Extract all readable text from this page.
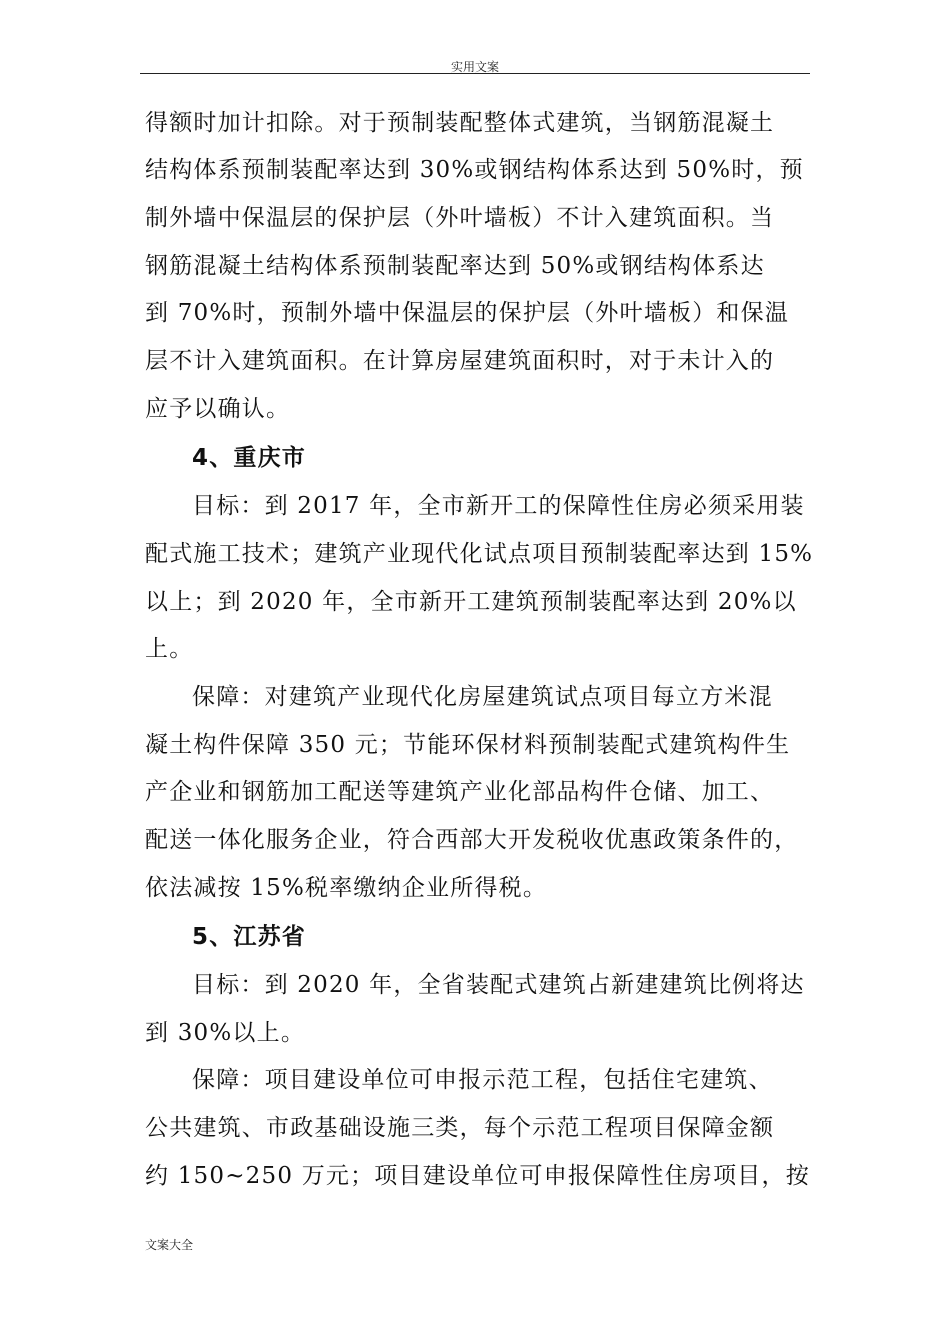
实用文案
得额时加计扣除。对于预制装配整体式建筑，当钢筋混凝土
结构体系预制装配率达到 30%或钢结构体系达到 50%时，预
制外墙中保温层的保护层（外叶墙板）不计入建筑面积。当
钢筋混凝土结构体系预制装配率达到 50%或钢结构体系达
到 70%时，预制外墙中保温层的保护层（外叶墙板）和保温
层不计入建筑面积。在计算房屋建筑面积时，对于未计入的
应予以确认。
4、重庆市
目标：到 2017 年，全市新开工的保障性住房必须采用装
配式施工技术；建筑产业现代化试点项目预制装配率达到 15%
以上；到 2020 年，全市新开工建筑预制装配率达到 20%以
上。
保障：对建筑产业现代化房屋建筑试点项目每立方米混
凝土构件保障 350 元；节能环保材料预制装配式建筑构件生
产企业和钢筋加工配送等建筑产业化部品构件仓储、加工、
配送一体化服务企业，符合西部大开发税收优惠政策条件的，
依法减按 15%税率缴纳企业所得税。
5、江苏省
目标：到 2020 年，全省装配式建筑占新建建筑比例将达
到 30%以上。
保障：项目建设单位可申报示范工程，包括住宅建筑、
公共建筑、市政基础设施三类，每个示范工程项目保障金额
约 150~250 万元；项目建设单位可申报保障性住房项目，按
文案大全
